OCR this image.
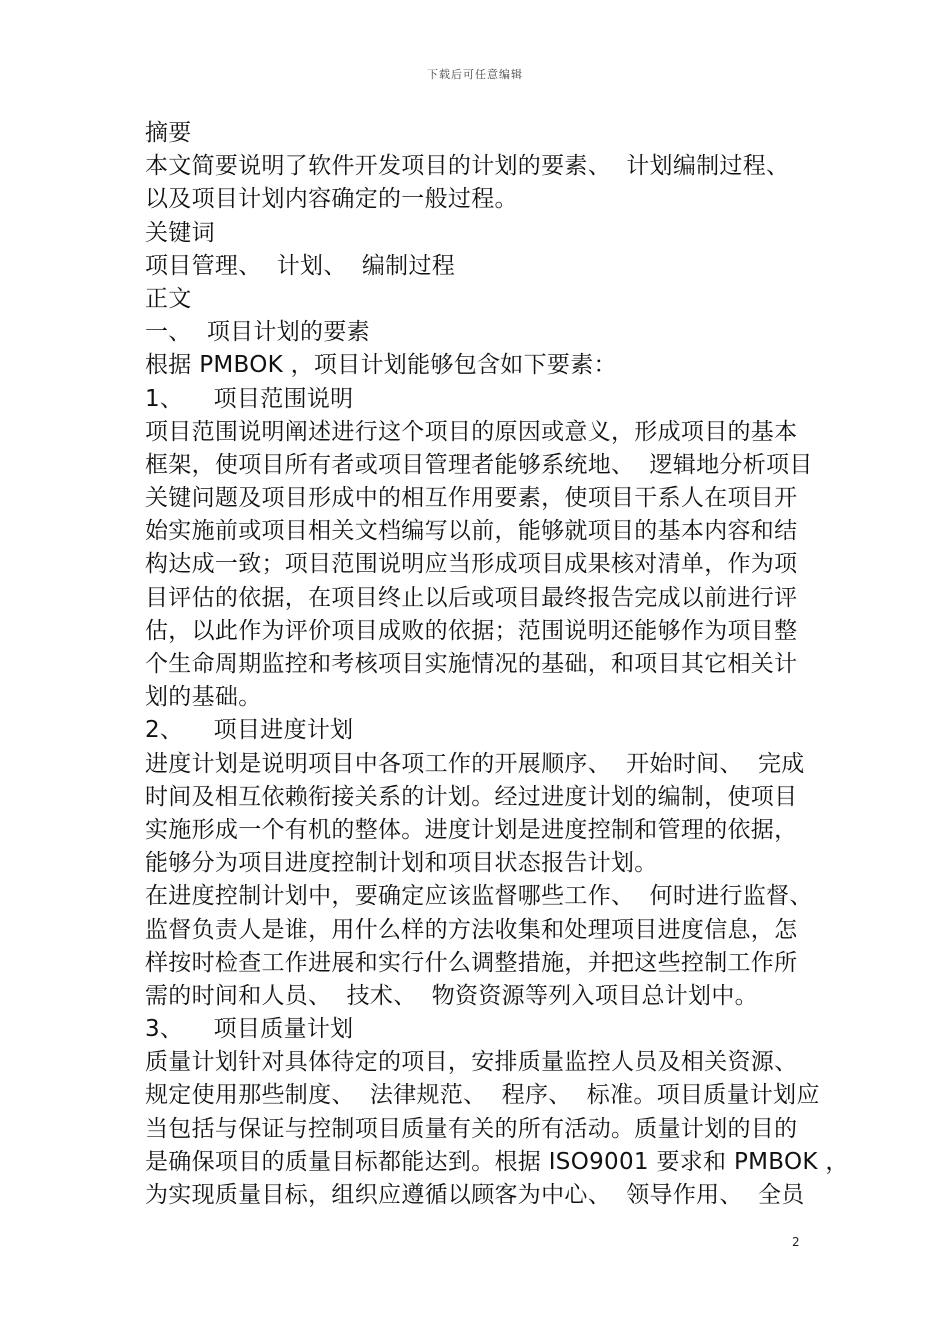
下载后可任意编辑
摘要
本文简要说明了软件开发项目的计划的要素、  计划编制过程、
以及项目计划内容确定的一般过程。
关键词
项目管理、  计划、  编制过程
正文
一、  项目计划的要素
根据 PMBOK ，项目计划能够包含如下要素：
1、    项目范围说明
项目范围说明阐述进行这个项目的原因或意义，形成项目的基本
框架，使项目所有者或项目管理者能够系统地、  逻辑地分析项目
关键问题及项目形成中的相互作用要素，使项目干系人在项目开
始实施前或项目相关文档编写以前，能够就项目的基本内容和结
构达成一致；项目范围说明应当形成项目成果核对清单，作为项
目评估的依据，在项目终止以后或项目最终报告完成以前进行评
估，以此作为评价项目成败的依据；范围说明还能够作为项目整
个生命周期监控和考核项目实施情况的基础，和项目其它相关计
划的基础。
2、    项目进度计划
进度计划是说明项目中各项工作的开展顺序、  开始时间、  完成
时间及相互依赖衔接关系的计划。经过进度计划的编制，使项目
实施形成一个有机的整体。进度计划是进度控制和管理的依据，
能够分为项目进度控制计划和项目状态报告计划。
在进度控制计划中，要确定应该监督哪些工作、  何时进行监督、
监督负责人是谁，用什么样的方法收集和处理项目进度信息，怎
样按时检查工作进展和实行什么调整措施，并把这些控制工作所
需的时间和人员、  技术、  物资资源等列入项目总计划中。
3、    项目质量计划
质量计划针对具体待定的项目，安排质量监控人员及相关资源、
规定使用那些制度、  法律规范、  程序、  标准。项目质量计划应
当包括与保证与控制项目质量有关的所有活动。质量计划的目的
是确保项目的质量目标都能达到。根据 ISO9001 要求和 PMBOK ，
为实现质量目标，组织应遵循以顾客为中心、  领导作用、  全员
2
